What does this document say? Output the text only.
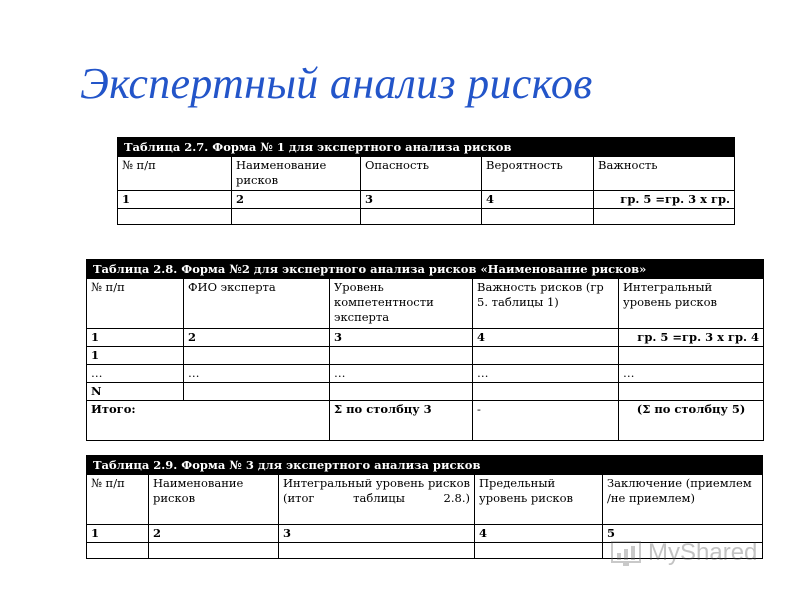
Экспертный анализ рисков
Таблица 2.7. Форма № 1 для экспертного анализа рисков				
№ п/п	Наименование рисков	Опасность	Вероятность	Важность
1	2	3	4	гр. 5 =гр. 3 х гр.

Таблица 2.8. Форма №2 для экспертного анализа рисков «Наименование рисков»				
№ п/п	ФИО эксперта	Уровень компетентности эксперта	Важность рисков (гр 5. таблицы 1)	Интегральный уровень рисков
1	2	3	4	гр. 5 =гр. 3 х гр. 4
1				
…	…	…	…	…
N				
Итого:		Σ по столбцу 3	-	(Σ по столбцу 5)
Таблица 2.9. Форма № 3 для экспертного анализа рисков				
№ п/п	Наименование рисков	Интегральный уровень рисков (итог таблицы 2.8.)	Предельный уровень рисков	Заключение (приемлем /не приемлем)
1	2	3	4	5

MyShared
